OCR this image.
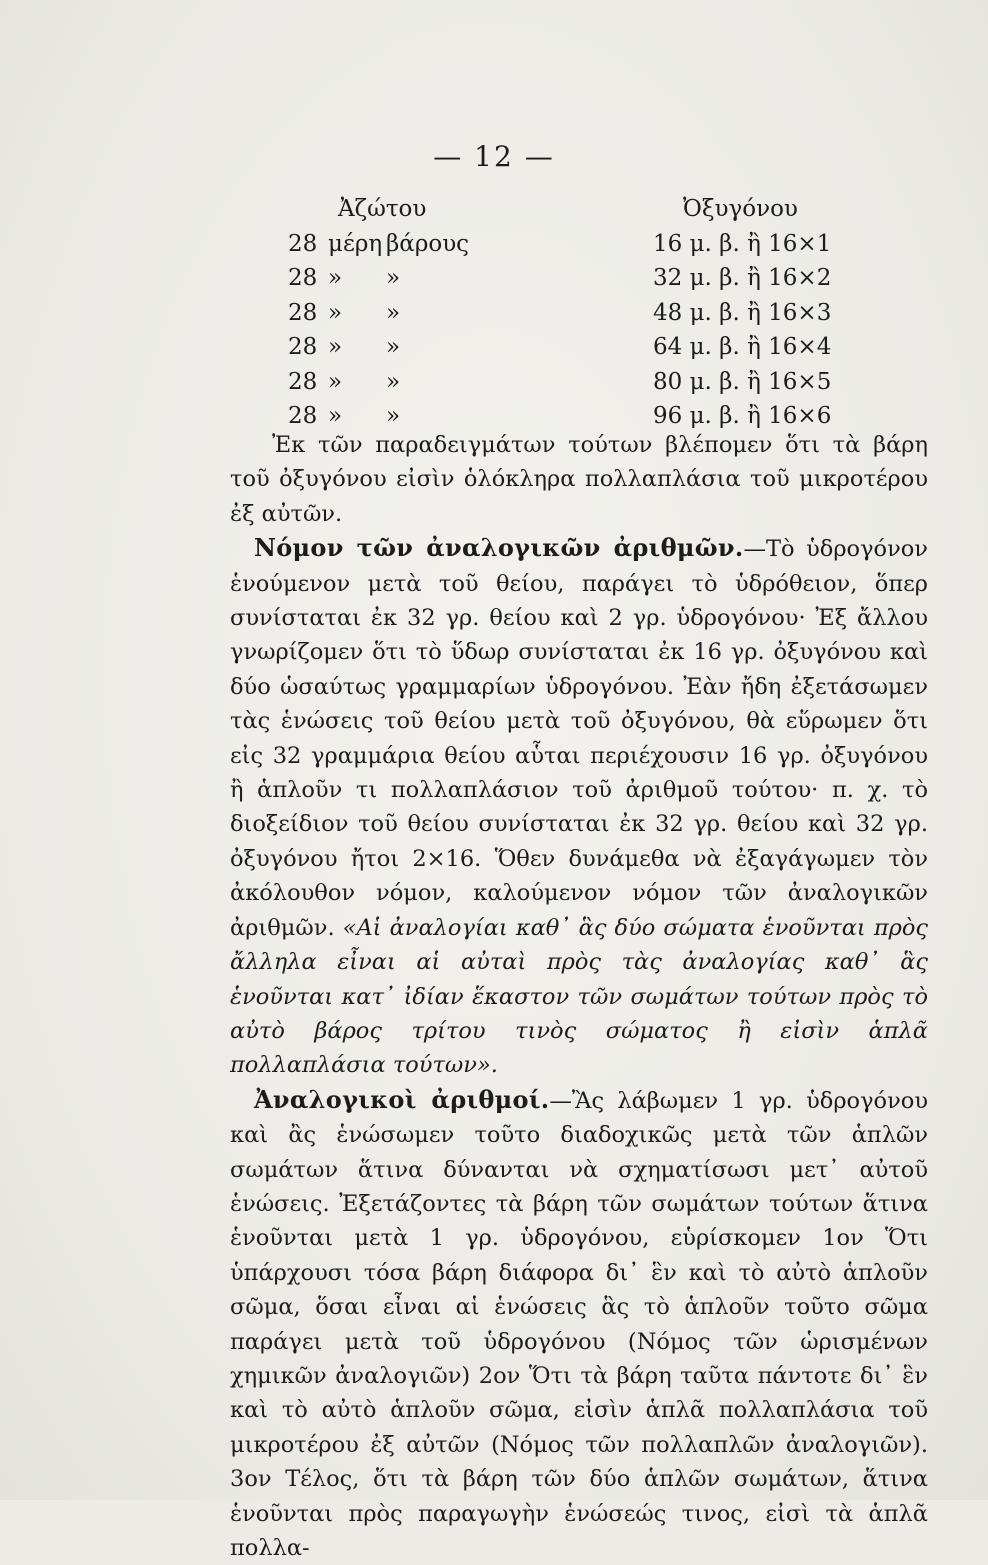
— 12 —
Ἀζώτου	Ὀξυγόνου
28 μέρη βάρους	16 μ. β. ἢ 16×1
28 » »	32 μ. β. ἢ 16×2
28 » »	48 μ. β. ἢ 16×3
28 » »	64 μ. β. ἢ 16×4
28 » »	80 μ. β. ἢ 16×5
28 » »	96 μ. β. ἢ 16×6

Ἐκ τῶν παραδειγμάτων τούτων βλέπομεν ὅτι τὰ βάρη τοῦ ὀξυγόνου εἰσὶν ὁλόκληρα πολλαπλάσια τοῦ μικροτέρου ἐξ αὐτῶν.

Νόμον τῶν ἀναλογικῶν ἀριθμῶν.—Τὸ ὑδρογόνον ἑνούμενον μετὰ τοῦ θείου, παράγει τὸ ὑδρόθειον, ὅπερ συνίσταται ἐκ 32 γρ. θείου καὶ 2 γρ. ὑδρογόνου· Ἐξ ἄλλου γνωρίζομεν ὅτι τὸ ὕδωρ συνίσταται ἐκ 16 γρ. ὀξυγόνου καὶ δύο ὡσαύτως γραμμαρίων ὑδρογόνου. Ἐὰν ἤδη ἐξετάσωμεν τὰς ἑνώσεις τοῦ θείου μετὰ τοῦ ὀξυγόνου, θὰ εὕρωμεν ὅτι εἰς 32 γραμμάρια θείου αὗται περιέχουσιν 16 γρ. ὀξυγόνου ἢ ἁπλοῦν τι πολλαπλάσιον τοῦ ἀριθμοῦ τούτου· π. χ. τὸ διοξείδιον τοῦ θείου συνίσταται ἐκ 32 γρ. θείου καὶ 32 γρ. ὀξυγόνου ἤτοι 2×16. Ὅθεν δυνάμεθα νὰ ἐξαγάγωμεν τὸν ἀκόλουθον νόμον, καλούμενον νόμον τῶν ἀναλογικῶν ἀριθμῶν. «Αἱ ἀναλογίαι καθ᾽ ἃς δύο σώματα ἑνοῦνται πρὸς ἄλληλα εἶναι αἱ αὐταὶ πρὸς τὰς ἀναλογίας καθ᾽ ἃς ἑνοῦνται κατ᾽ ἰδίαν ἕκαστον τῶν σωμάτων τούτων πρὸς τὸ αὐτὸ βάρος τρίτου τινὸς σώματος ἢ εἰσὶν ἁπλᾶ πολλαπλάσια τούτων».

Ἀναλογικοὶ ἀριθμοί.—Ἂς λάβωμεν 1 γρ. ὑδρογόνου καὶ ἂς ἑνώσωμεν τοῦτο διαδοχικῶς μετὰ τῶν ἁπλῶν σωμάτων ἅτινα δύνανται νὰ σχηματίσωσι μετ᾽ αὐτοῦ ἑνώσεις. Ἐξετάζοντες τὰ βάρη τῶν σωμάτων τούτων ἅτινα ἑνοῦνται μετὰ 1 γρ. ὑδρογόνου, εὑρίσκομεν 1ον Ὅτι ὑπάρχουσι τόσα βάρη διάφορα δι᾽ ἓν καὶ τὸ αὐτὸ ἁπλοῦν σῶμα, ὅσαι εἶναι αἱ ἑνώσεις ἃς τὸ ἁπλοῦν τοῦτο σῶμα παράγει μετὰ τοῦ ὑδρογόνου (Νόμος τῶν ὡρισμένων χημικῶν ἀναλογιῶν) 2ον Ὅτι τὰ βάρη ταῦτα πάντοτε δι᾽ ἓν καὶ τὸ αὐτὸ ἁπλοῦν σῶμα, εἰσὶν ἁπλᾶ πολλαπλάσια τοῦ μικροτέρου ἐξ αὐτῶν (Νόμος τῶν πολλαπλῶν ἀναλογιῶν). 3ον Τέλος, ὅτι τὰ βάρη τῶν δύο ἁπλῶν σωμάτων, ἅτινα ἑνοῦνται πρὸς παραγωγὴν ἑνώσεώς τινος, εἰσὶ τὰ ἁπλᾶ πολλα-
